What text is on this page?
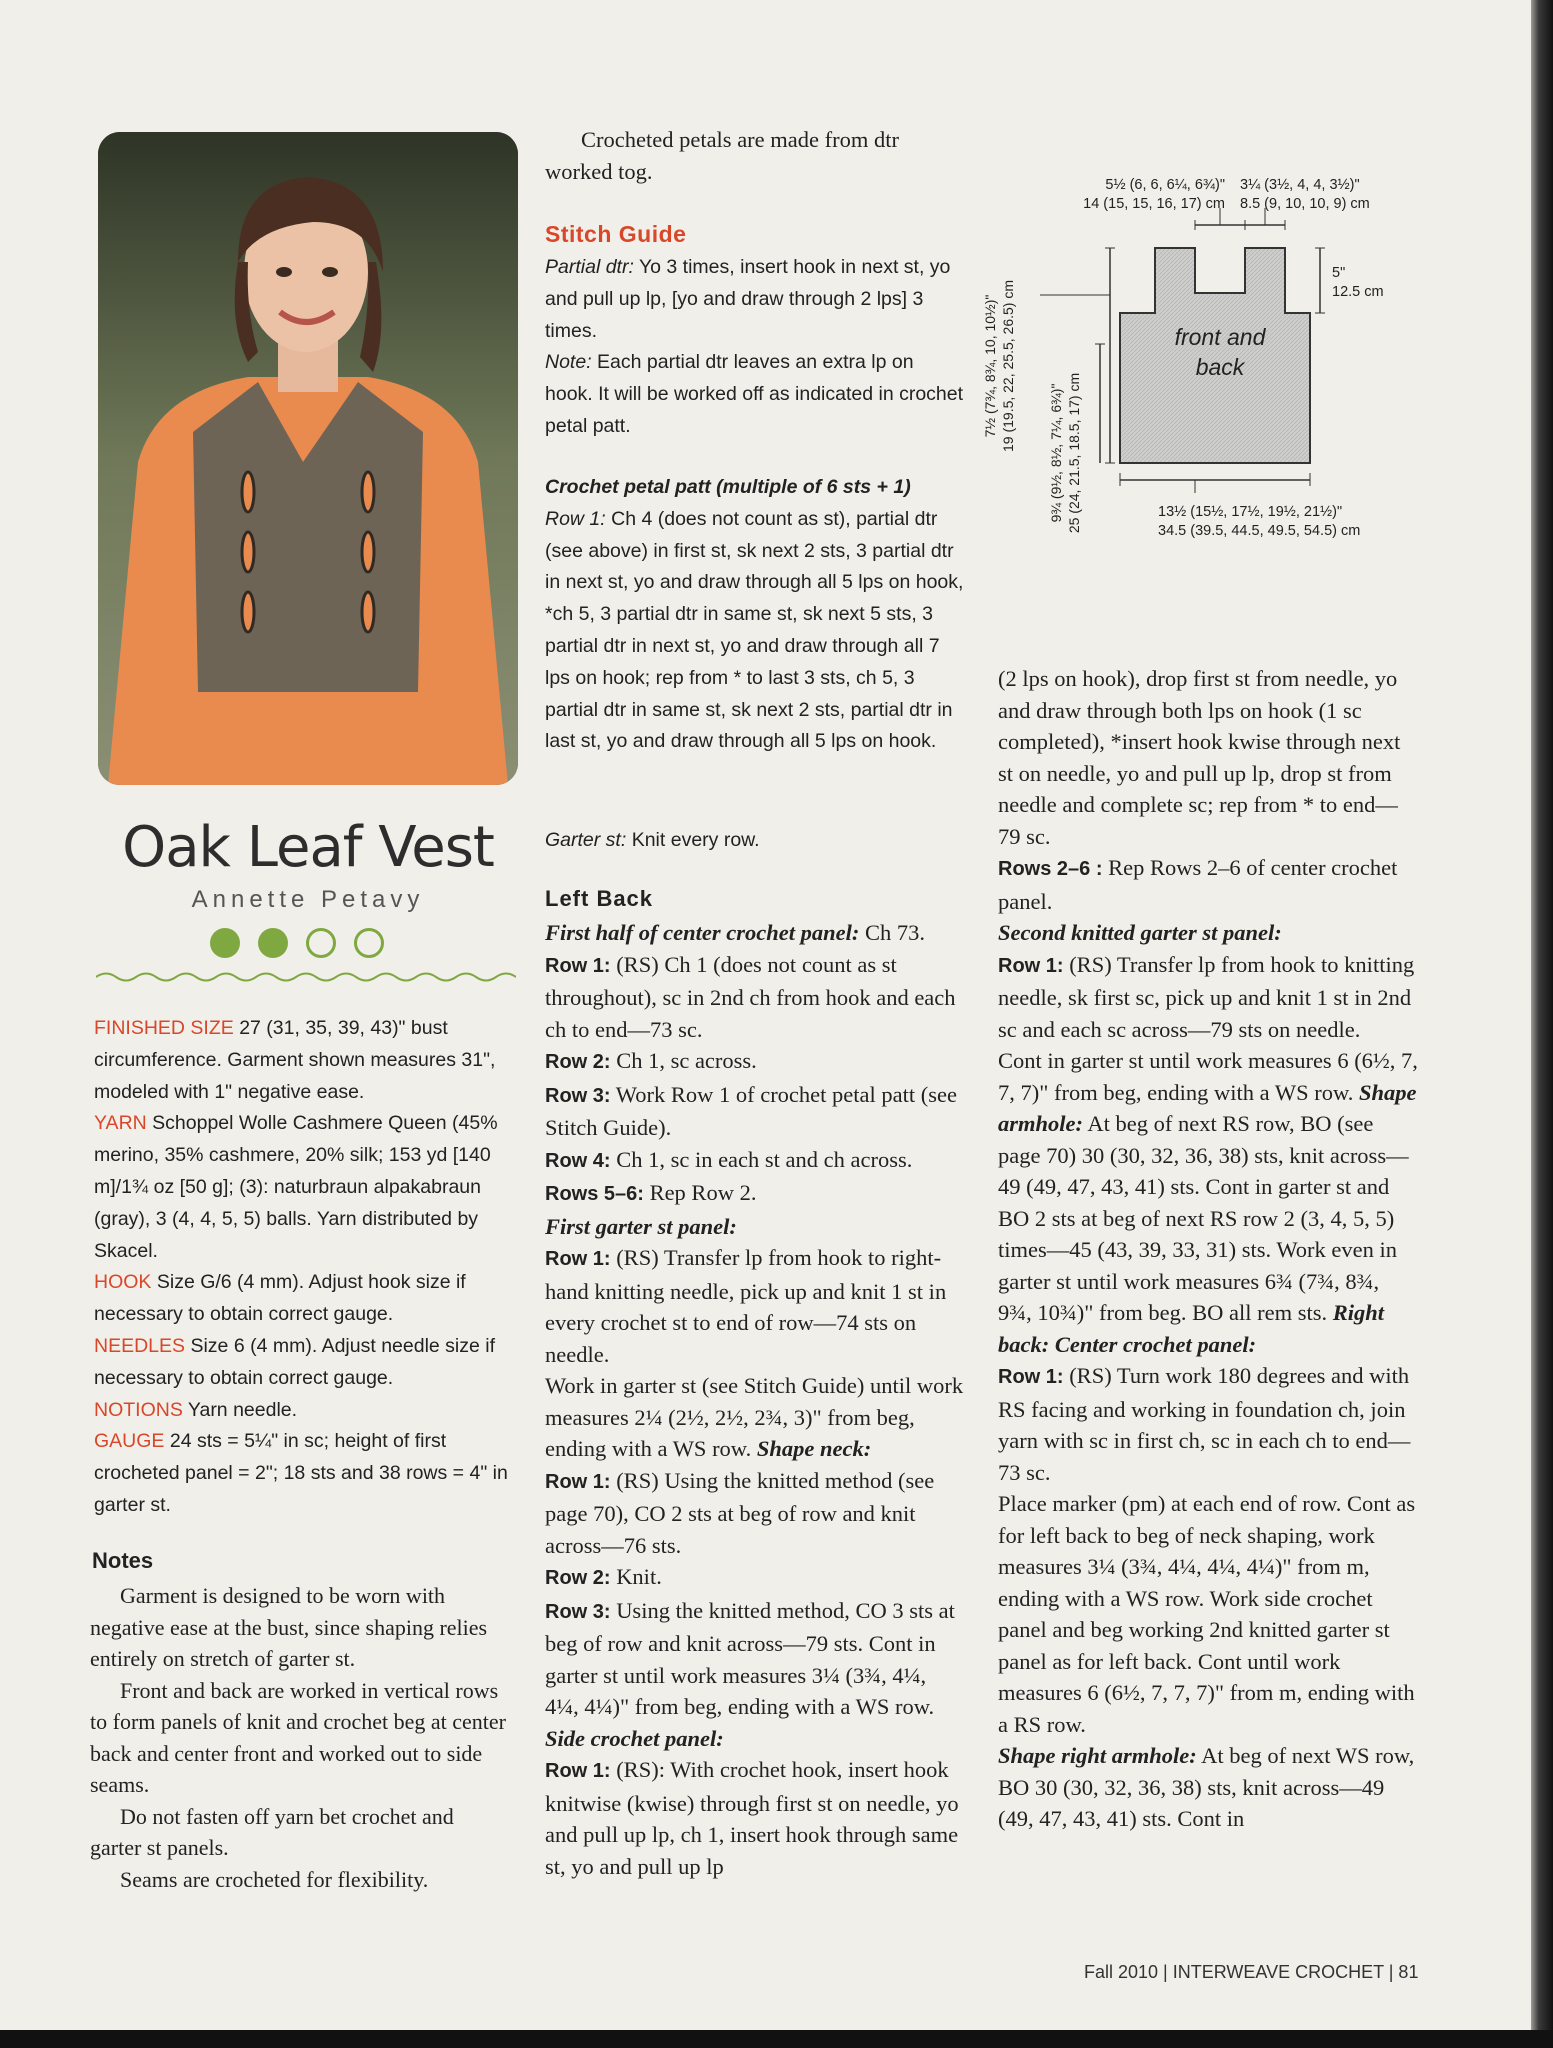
Oak Leaf Vest
Annette Petavy

FINISHED SIZE 27 (31, 35, 39, 43)" bust circumference. Garment shown measures 31", modeled with 1" negative ease.

YARN Schoppel Wolle Cashmere Queen (45% merino, 35% cashmere, 20% silk; 153 yd [140 m]/1¾ oz [50 g]; (3): naturbraun alpakabraun (gray), 3 (4, 4, 5, 5) balls. Yarn distributed by Skacel.

HOOK Size G/6 (4 mm). Adjust hook size if necessary to obtain correct gauge.

NEEDLES Size 6 (4 mm). Adjust needle size if necessary to obtain correct gauge.

NOTIONS Yarn needle.

GAUGE 24 sts = 5¼" in sc; height of first crocheted panel = 2"; 18 sts and 38 rows = 4" in garter st.

Notes

Garment is designed to be worn with negative ease at the bust, since shaping relies entirely on stretch of garter st.

Front and back are worked in vertical rows to form panels of knit and crochet beg at center back and center front and worked out to side seams.

Do not fasten off yarn bet crochet and garter st panels.

Seams are crocheted for flexibility.

Crocheted petals are made from dtr worked tog.

Stitch Guide

Partial dtr: Yo 3 times, insert hook in next st, yo and pull up lp, [yo and draw through 2 lps] 3 times.

Note: Each partial dtr leaves an extra lp on hook. It will be worked off as indicated in crochet petal patt.

Crochet petal patt (multiple of 6 sts + 1)

Row 1: Ch 4 (does not count as st), partial dtr (see above) in first st, sk next 2 sts, 3 partial dtr in next st, yo and draw through all 5 lps on hook, *ch 5, 3 partial dtr in same st, sk next 5 sts, 3 partial dtr in next st, yo and draw through all 7 lps on hook; rep from * to last 3 sts, ch 5, 3 partial dtr in same st, sk next 2 sts, partial dtr in last st, yo and draw through all 5 lps on hook.

Garter st: Knit every row.

Left Back

First half of center crochet panel: Ch 73.

Row 1: (RS) Ch 1 (does not count as st throughout), sc in 2nd ch from hook and each ch to end—73 sc.

Row 2: Ch 1, sc across.

Row 3: Work Row 1 of crochet petal patt (see Stitch Guide).

Row 4: Ch 1, sc in each st and ch across.

Rows 5–6: Rep Row 2.

First garter st panel:

Row 1: (RS) Transfer lp from hook to right-hand knitting needle, pick up and knit 1 st in every crochet st to end of row—74 sts on needle.

Work in garter st (see Stitch Guide) until work measures 2¼ (2½, 2½, 2¾, 3)" from beg, ending with a WS row. Shape neck:

Row 1: (RS) Using the knitted method (see page 70), CO 2 sts at beg of row and knit across—76 sts.

Row 2: Knit.

Row 3: Using the knitted method, CO 3 sts at beg of row and knit across—79 sts. Cont in garter st until work measures 3¼ (3¾, 4¼, 4¼, 4¼)" from beg, ending with a WS row. Side crochet panel:

Row 1: (RS): With crochet hook, insert hook knitwise (kwise) through first st on needle, yo and pull up lp, ch 1, insert hook through same st, yo and pull up lp

5½ (6, 6, 6¼, 6¾)"
14 (15, 15, 16, 17) cm
3¼ (3½, 4, 4, 3½)"
8.5 (9, 10, 10, 9) cm
5"
12.5 cm
front and
back
7½ (7¾, 8¾, 10, 10½)" 19 (19.5, 22, 25.5, 26.5) cm
9¾ (9½, 8½, 7¼, 6¾)" 25 (24, 21.5, 18.5, 17) cm	13½ (15½, 17½, 19½, 21½)"
34.5 (39.5, 44.5, 49.5, 54.5) cm

(2 lps on hook), drop first st from needle, yo and draw through both lps on hook (1 sc completed), *insert hook kwise through next st on needle, yo and pull up lp, drop st from needle and complete sc; rep from * to end—79 sc.

Rows 2–6 : Rep Rows 2–6 of center crochet panel.

Second knitted garter st panel:

Row 1: (RS) Transfer lp from hook to knitting needle, sk first sc, pick up and knit 1 st in 2nd sc and each sc across—79 sts on needle.

Cont in garter st until work measures 6 (6½, 7, 7, 7)" from beg, ending with a WS row. Shape armhole: At beg of next RS row, BO (see page 70) 30 (30, 32, 36, 38) sts, knit across—49 (49, 47, 43, 41) sts. Cont in garter st and BO 2 sts at beg of next RS row 2 (3, 4, 5, 5) times—45 (43, 39, 33, 31) sts. Work even in garter st until work measures 6¾ (7¾, 8¾, 9¾, 10¾)" from beg. BO all rem sts. Right back: Center crochet panel:

Row 1: (RS) Turn work 180 degrees and with RS facing and working in foundation ch, join yarn with sc in first ch, sc in each ch to end—73 sc.

Place marker (pm) at each end of row. Cont as for left back to beg of neck shaping, work measures 3¼ (3¾, 4¼, 4¼, 4¼)" from m, ending with a WS row. Work side crochet panel and beg working 2nd knitted garter st panel as for left back. Cont until work measures 6 (6½, 7, 7, 7)" from m, ending with a RS row.

Shape right armhole: At beg of next WS row, BO 30 (30, 32, 36, 38) sts, knit across—49 (49, 47, 43, 41) sts. Cont in

Fall 2010 | INTERWEAVE CROCHET | 81
